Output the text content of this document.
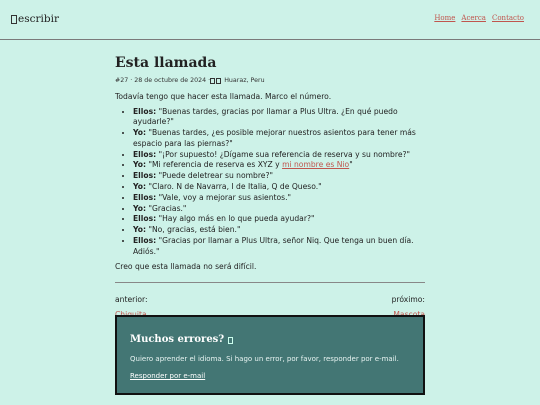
escribir	Home Acerca Contacto
Esta llamada
#27 · 28 de octubre de 2024 · Huaraz, Peru

Todavía tengo que hacer esta llamada. Marco el número.

• Ellos: "Buenas tardes, gracias por llamar a Plus Ultra. ¿En qué puedo ayudarle?"
• Yo: "Buenas tardes, ¿es posible mejorar nuestros asientos para tener más espacio para las piernas?"
• Ellos: "¡Por supuesto! ¿Dígame sua referencia de reserva y su nombre?"
• Yo: "Mi referencia de reserva es XYZ y mi nombre es Nio"
• Ellos: "Puede deletrear su nombre?"
• Yo: "Claro. N de Navarra, I de Italia, Q de Queso."
• Ellos: "Vale, voy a mejorar sus asientos."
• Yo: "Gracias."
• Ellos: "Hay algo más en lo que pueda ayudar?"
• Yo: "No, gracias, está bien."
• Ellos: "Gracias por llamar a Plus Ultra, señor Niq. Que tenga un buen día. Adiós."

Creo que esta llamada no será difícil.

anterior:	próximo:
Muchos errores?

Quiero aprender el idioma. Si hago un error, por favor, responder por e-mail.

Responder por e-mail
